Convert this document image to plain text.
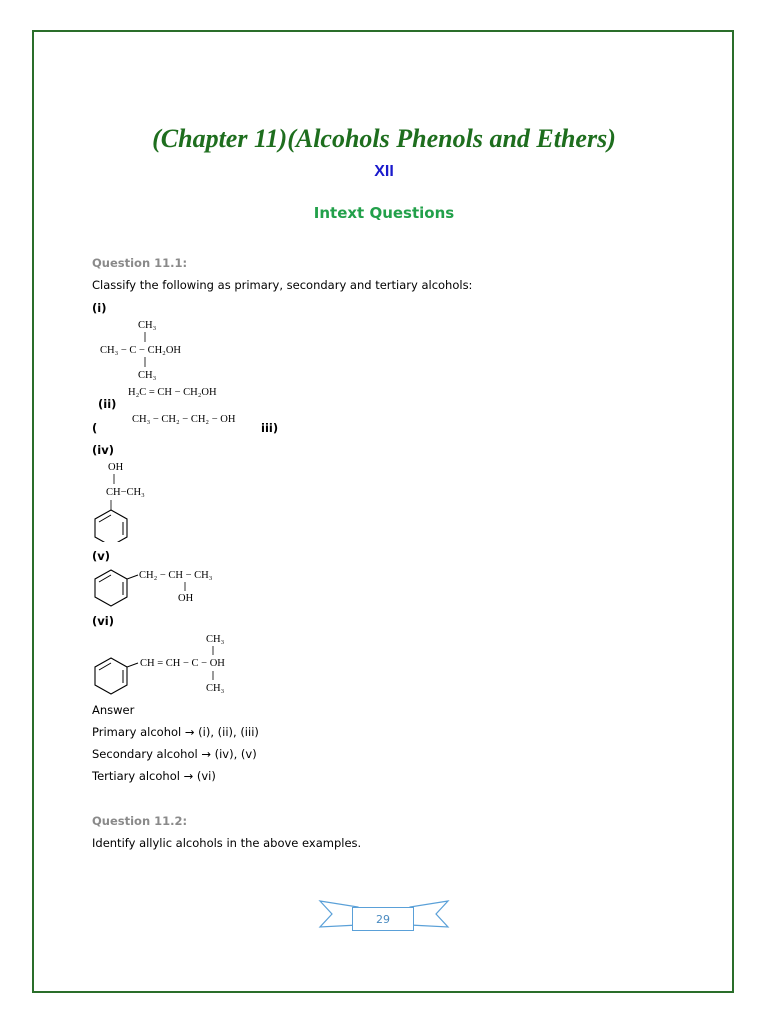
(Chapter 11)(Alcohols Phenols and Ethers)
XII
Intext Questions
Question 11.1:
Classify the following as primary, secondary and tertiary alcohols:
(i)
CH₃
CH₃ − C − CH₂OH
CH₃
H₂C = CH − CH₂OH
(ii)
(
CH₃ − CH₂ − CH₂ − OH
iii)
(iv)
OH
CH−CH₃
(v)
CH₂ − CH − CH₃
OH
(vi)
CH₃
CH = CH − C − OH
CH₃
Answer
Primary alcohol → (i), (ii), (iii)
Secondary alcohol → (iv), (v)
Tertiary alcohol → (vi)
Question 11.2:
Identify allylic alcohols in the above examples.
29
